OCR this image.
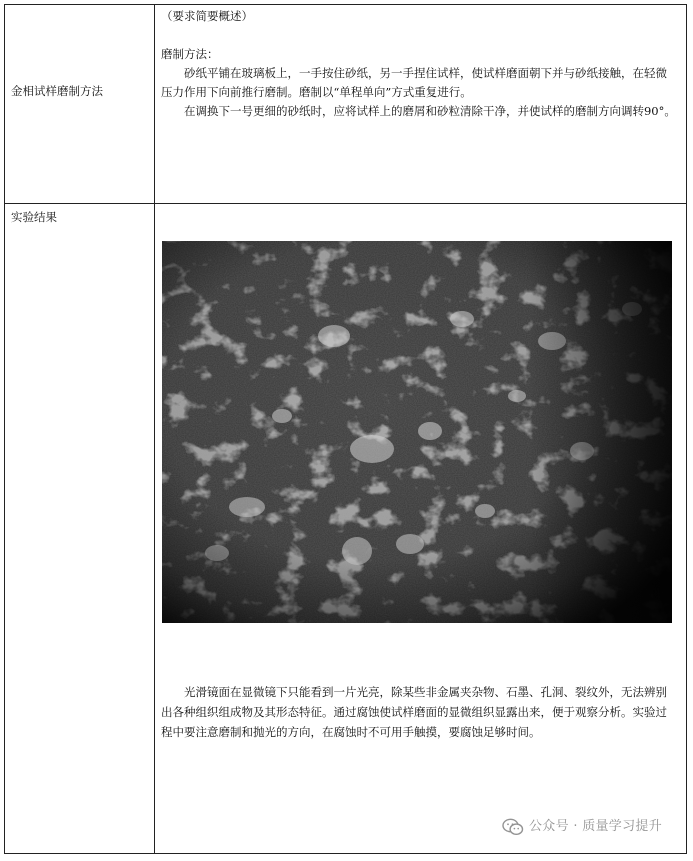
金相试样磨制方法

（要求简要概述）

磨制方法：

砂纸平铺在玻璃板上，一手按住砂纸，另一手捏住试样，使试样磨面朝下并与砂纸接触，在轻微压力作用下向前推行磨制。磨制以“单程单向”方式重复进行。

在调换下一号更细的砂纸时，应将试样上的磨屑和砂粒清除干净，并使试样的磨制方向调转90°。

实验结果

光滑镜面在显微镜下只能看到一片光亮，除某些非金属夹杂物、石墨、孔洞、裂纹外，无法辨别出各种组织组成物及其形态特征。通过腐蚀使试样磨面的显微组织显露出来，便于观察分析。实验过程中要注意磨制和抛光的方向，在腐蚀时不可用手触摸，要腐蚀足够时间。

公众号 · 质量学习提升
